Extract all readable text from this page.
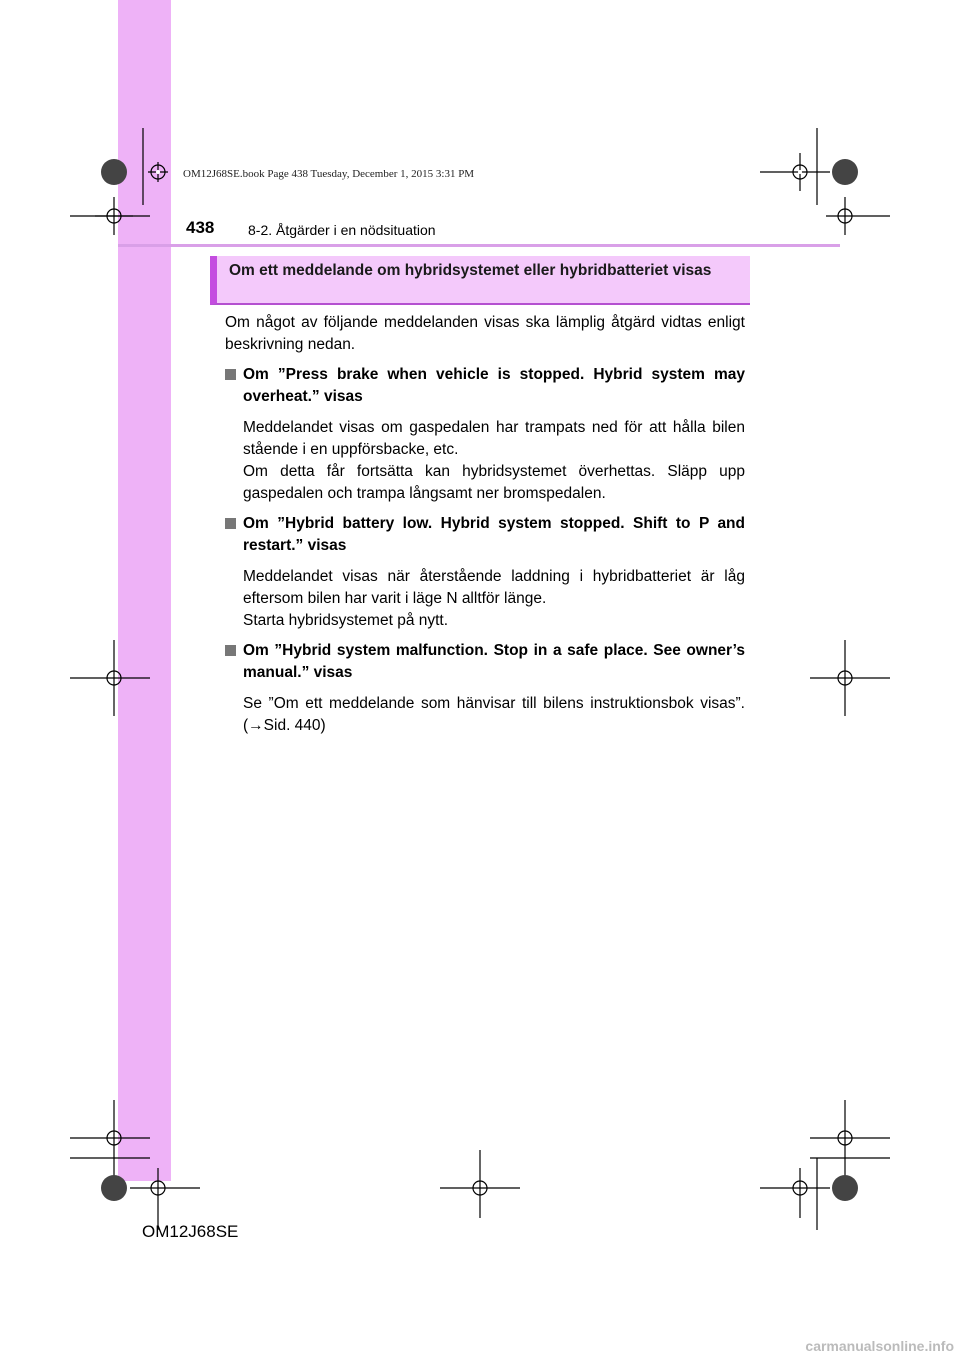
OM12J68SE.book Page 438 Tuesday, December 1, 2015 3:31 PM
438 8-2. Åtgärder i en nödsituation
Om ett meddelande om hybridsystemet eller hybridbatteriet visas

Om något av följande meddelanden visas ska lämplig åtgärd vidtas enligt beskrivning nedan.

Om ”Press brake when vehicle is stopped. Hybrid system may overheat.” visas

Meddelandet visas om gaspedalen har trampats ned för att hålla bilen stående i en uppförsbacke, etc.

Om detta får fortsätta kan hybridsystemet överhettas. Släpp upp gaspedalen och trampa långsamt ner bromspedalen.

Om ”Hybrid battery low. Hybrid system stopped. Shift to P and restart.” visas

Meddelandet visas när återstående laddning i hybridbatteriet är låg eftersom bilen har varit i läge N alltför länge.

Starta hybridsystemet på nytt.

Om ”Hybrid system malfunction. Stop in a safe place. See owner’s manual.” visas

Se ”Om ett meddelande som hänvisar till bilens instruktionsbok visas”. (→Sid. 440)

OM12J68SE
carmanualsonline.info
